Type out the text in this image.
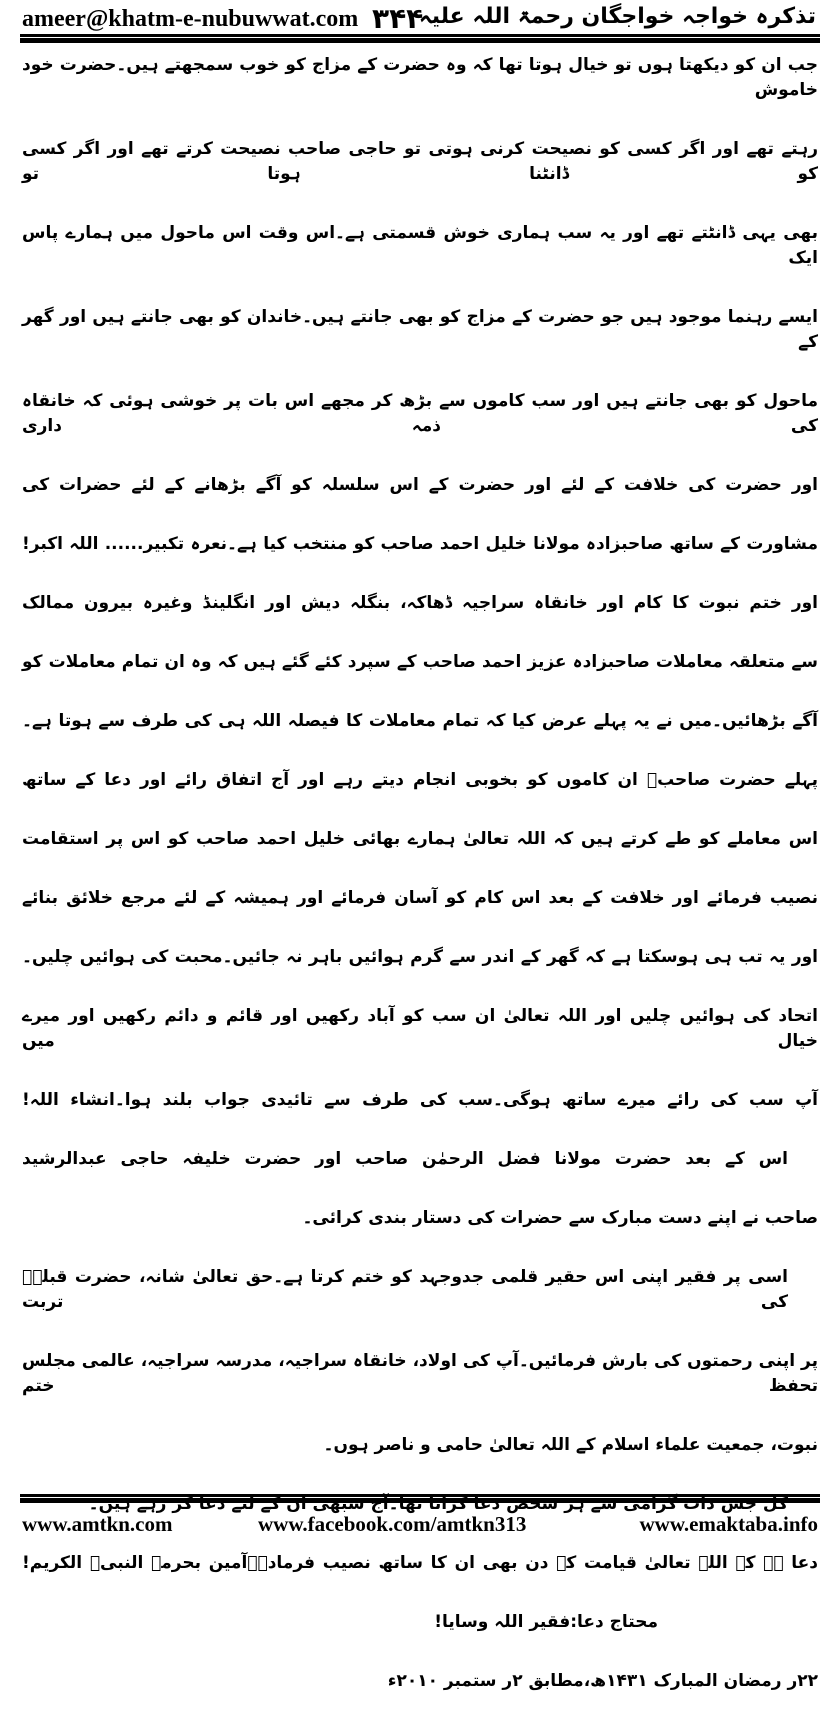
ameer@khatm-e-nubuwwat.com ۳۴۴
تذکرہ خواجہ خواجگان رحمۃ اللہ علیہ
جب ان کو دیکھتا ہوں تو خیال ہوتا تھا کہ وہ حضرت کے مزاج کو خوب سمجھتے ہیں۔حضرت خود خاموش
رہتے تھے اور اگر کسی کو نصیحت کرنی ہوتی تو حاجی صاحب نصیحت کرتے تھے اور اگر کسی کو ڈانٹنا ہوتا تو
بھی یہی ڈانٹتے تھے اور یہ سب ہماری خوش قسمتی ہے۔اس وقت اس ماحول میں ہمارے پاس ایک
ایسے رہنما موجود ہیں جو حضرت کے مزاج کو بھی جانتے ہیں۔خاندان کو بھی جانتے ہیں اور گھر کے
ماحول کو بھی جانتے ہیں اور سب کاموں سے بڑھ کر مجھے اس بات پر خوشی ہوئی کہ خانقاہ کی ذمہ داری
اور حضرت کی خلافت کے لئے اور حضرت کے اس سلسلہ کو آگے بڑھانے کے لئے حضرات کی
مشاورت کے ساتھ صاحبزادہ مولانا خلیل احمد صاحب کو منتخب کیا ہے۔نعرہ تکبیر...... اللہ اکبر!
اور ختم نبوت کا کام اور خانقاہ سراجیہ ڈھاکہ، بنگلہ دیش اور انگلینڈ وغیرہ بیرون ممالک
سے متعلقہ معاملات صاحبزادہ عزیز احمد صاحب کے سپرد کئے گئے ہیں کہ وہ ان تمام معاملات کو
آگے بڑھائیں۔میں نے یہ پہلے عرض کیا کہ تمام معاملات کا فیصلہ اللہ ہی کی طرف سے ہوتا ہے۔
پہلے حضرت صاحبؒ ان کاموں کو بخوبی انجام دیتے رہے اور آج اتفاق رائے اور دعا کے ساتھ
اس معاملے کو طے کرتے ہیں کہ اللہ تعالیٰ ہمارے بھائی خلیل احمد صاحب کو اس پر استقامت
نصیب فرمائے اور خلافت کے بعد اس کام کو آسان فرمائے اور ہمیشہ کے لئے مرجع خلائق بنائے
اور یہ تب ہی ہوسکتا ہے کہ گھر کے اندر سے گرم ہوائیں باہر نہ جائیں۔محبت کی ہوائیں چلیں۔
اتحاد کی ہوائیں چلیں اور اللہ تعالیٰ ان سب کو آباد رکھیں اور قائم و دائم رکھیں اور میرے خیال میں
آپ سب کی رائے میرے ساتھ ہوگی۔سب کی طرف سے تائیدی جواب بلند ہوا۔انشاء اللہ!
اس کے بعد حضرت مولانا فضل الرحمٰن صاحب اور حضرت خلیفہ حاجی عبدالرشید
صاحب نے اپنے دست مبارک سے حضرات کی دستار بندی کرائی۔
اسی پر فقیر اپنی اس حقیر قلمی جدوجہد کو ختم کرتا ہے۔حق تعالیٰ شانہ، حضرت قبلہؒ کی تربت
پر اپنی رحمتوں کی بارش فرمائیں۔آپ کی اولاد، خانقاہ سراجیہ، مدرسہ سراجیہ، عالمی مجلس تحفظ ختم
نبوت، جمعیت علماء اسلام کے اللہ تعالیٰ حامی و ناصر ہوں۔
کل جس ذات گرامی سے ہر شخص دعا کراتا تھا۔آج سبھی ان کے لئے دعا کر رہے ہیں۔
دعا ہے کہ اللہ تعالیٰ قیامت کے دن بھی ان کا ساتھ نصیب فرمادے۔آمین بحرمۃ النبیؐ الکریم!
محتاج دعا:فقیر اللہ وسایا!
۲۲ر رمضان المبارک ۱۴۳۱ھ،مطابق ۲ر ستمبر ۲۰۱۰ء
www.amtkn.com	www.facebook.com/amtkn313	www.emaktaba.info
